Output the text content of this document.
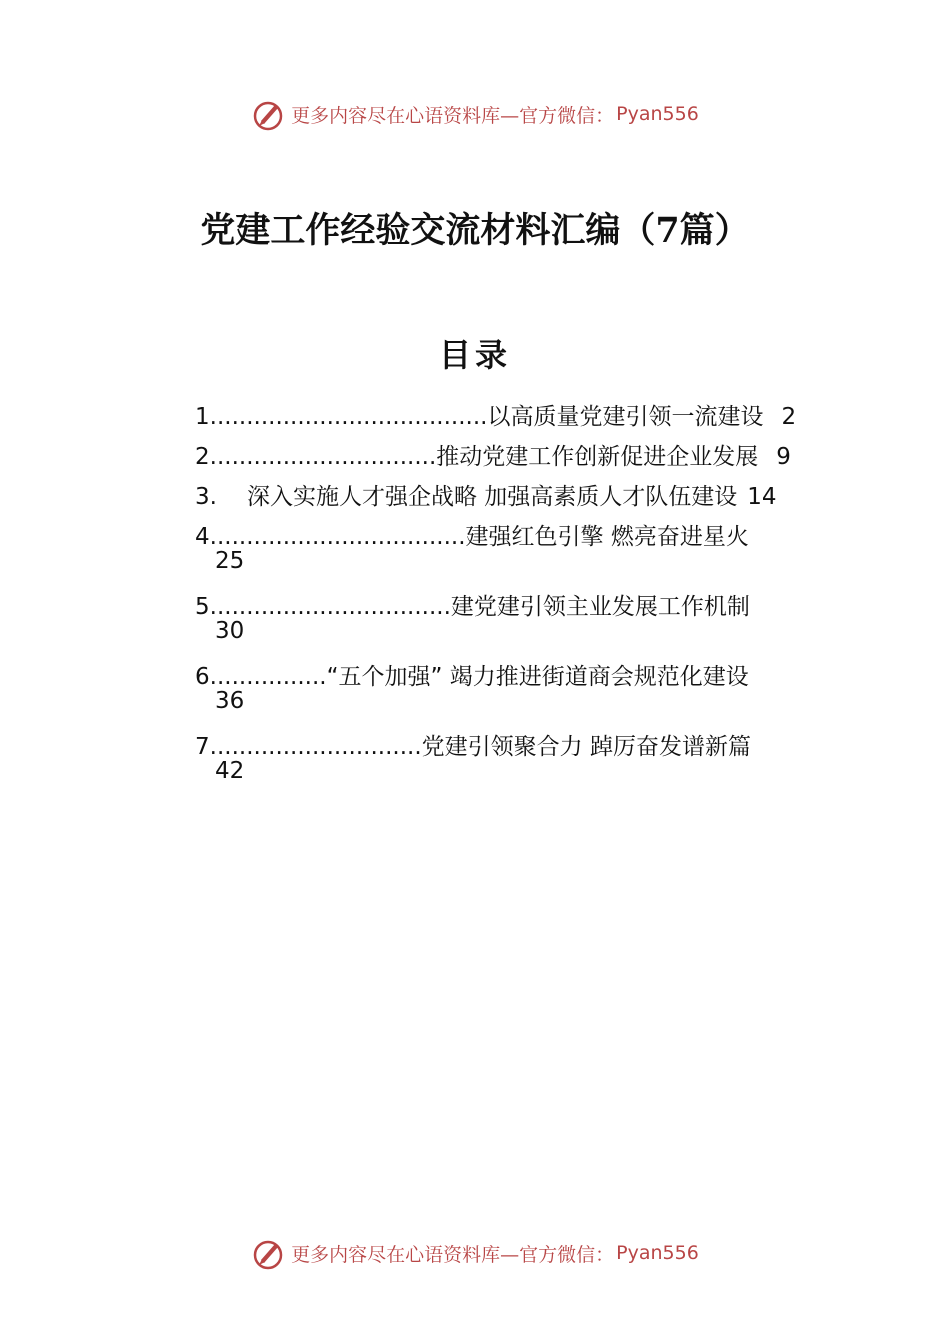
更多内容尽在心语资料库—官方微信： Pyan556
党建工作经验交流材料汇编（7篇）
目录
1......................................以高质量党建引领一流建设 2
2...............................推动党建工作创新促进企业发展 9
3. 深入实施人才强企战略 加强高素质人才队伍建设 14
4...................................建强红色引擎 燃亮奋进星火
25
5.................................建党建引领主业发展工作机制
30
6................“五个加强” 竭力推进街道商会规范化建设
36
7.............................党建引领聚合力 踔厉奋发谱新篇
42
更多内容尽在心语资料库—官方微信： Pyan556
